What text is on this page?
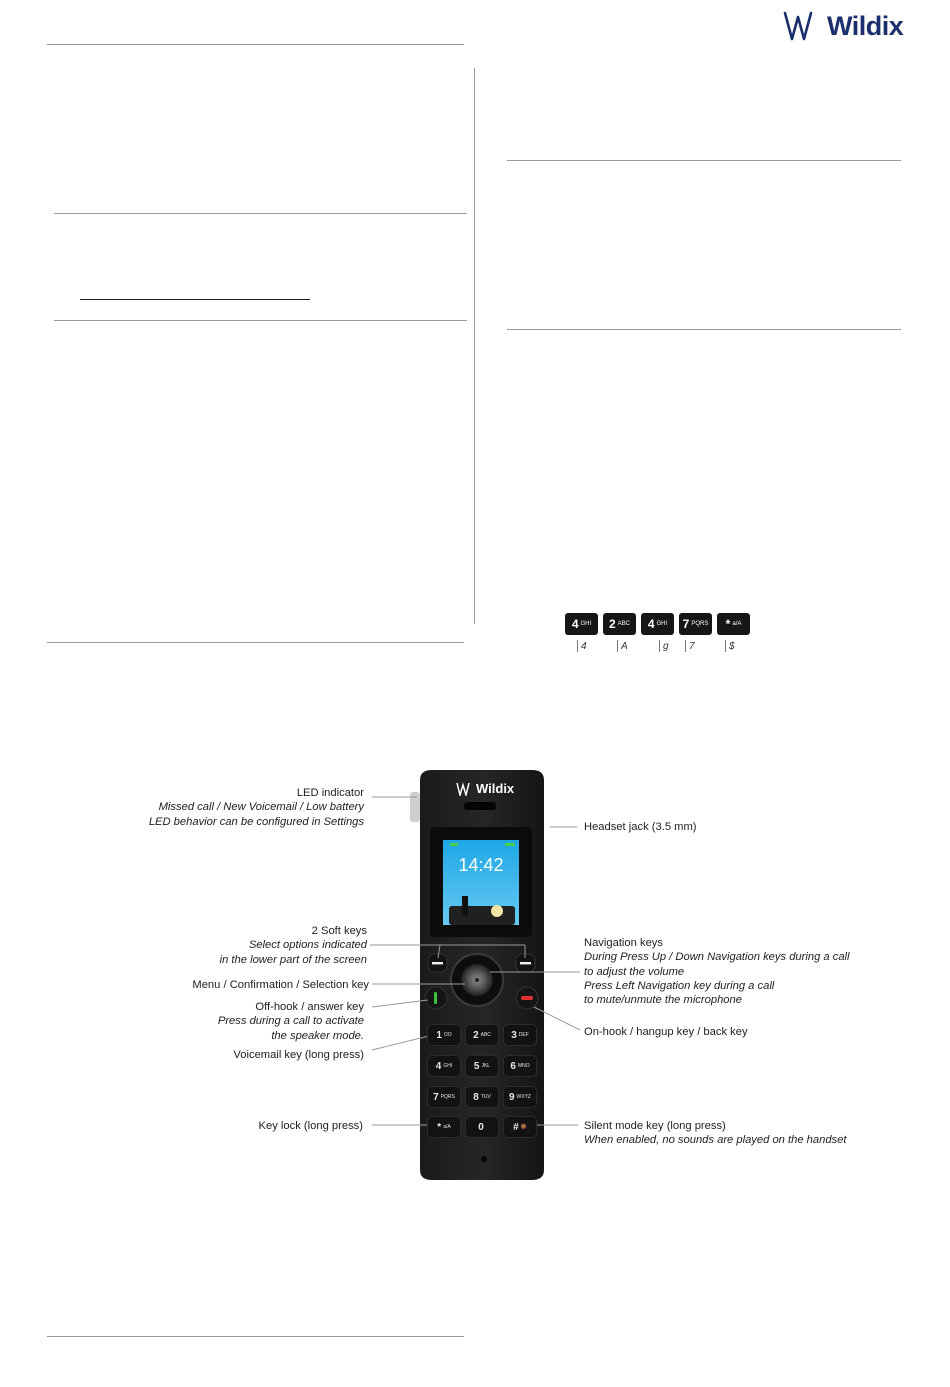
Wildix
4 GHI 2 ABC 4 GHI 7 PQRS * a/A
4	A	g	7	$
Wildix
14:42
1 OO 2 ABC 3 DEF
4 GHI 5 JKL 6 MNO
7 PQRS 8 TUV 9 WXYZ
* a/A	0	# 🔕
LED indicator
Missed call / New Voicemail / Low battery
LED behavior can be configured in Settings
2 Soft keys
Select options indicated
in the lower part of the screen
Menu / Confirmation / Selection key
Off-hook / answer key
Press during a call to activate
the speaker mode.
Voicemail key (long press)
Key lock (long press)
Headset jack (3.5 mm)
Navigation keys
During Press Up / Down Navigation keys during a call
to adjust the volume
Press Left Navigation key during a call
to mute/unmute the microphone
On-hook / hangup key / back key
Silent mode key (long press)
When enabled, no sounds are played on the handset
